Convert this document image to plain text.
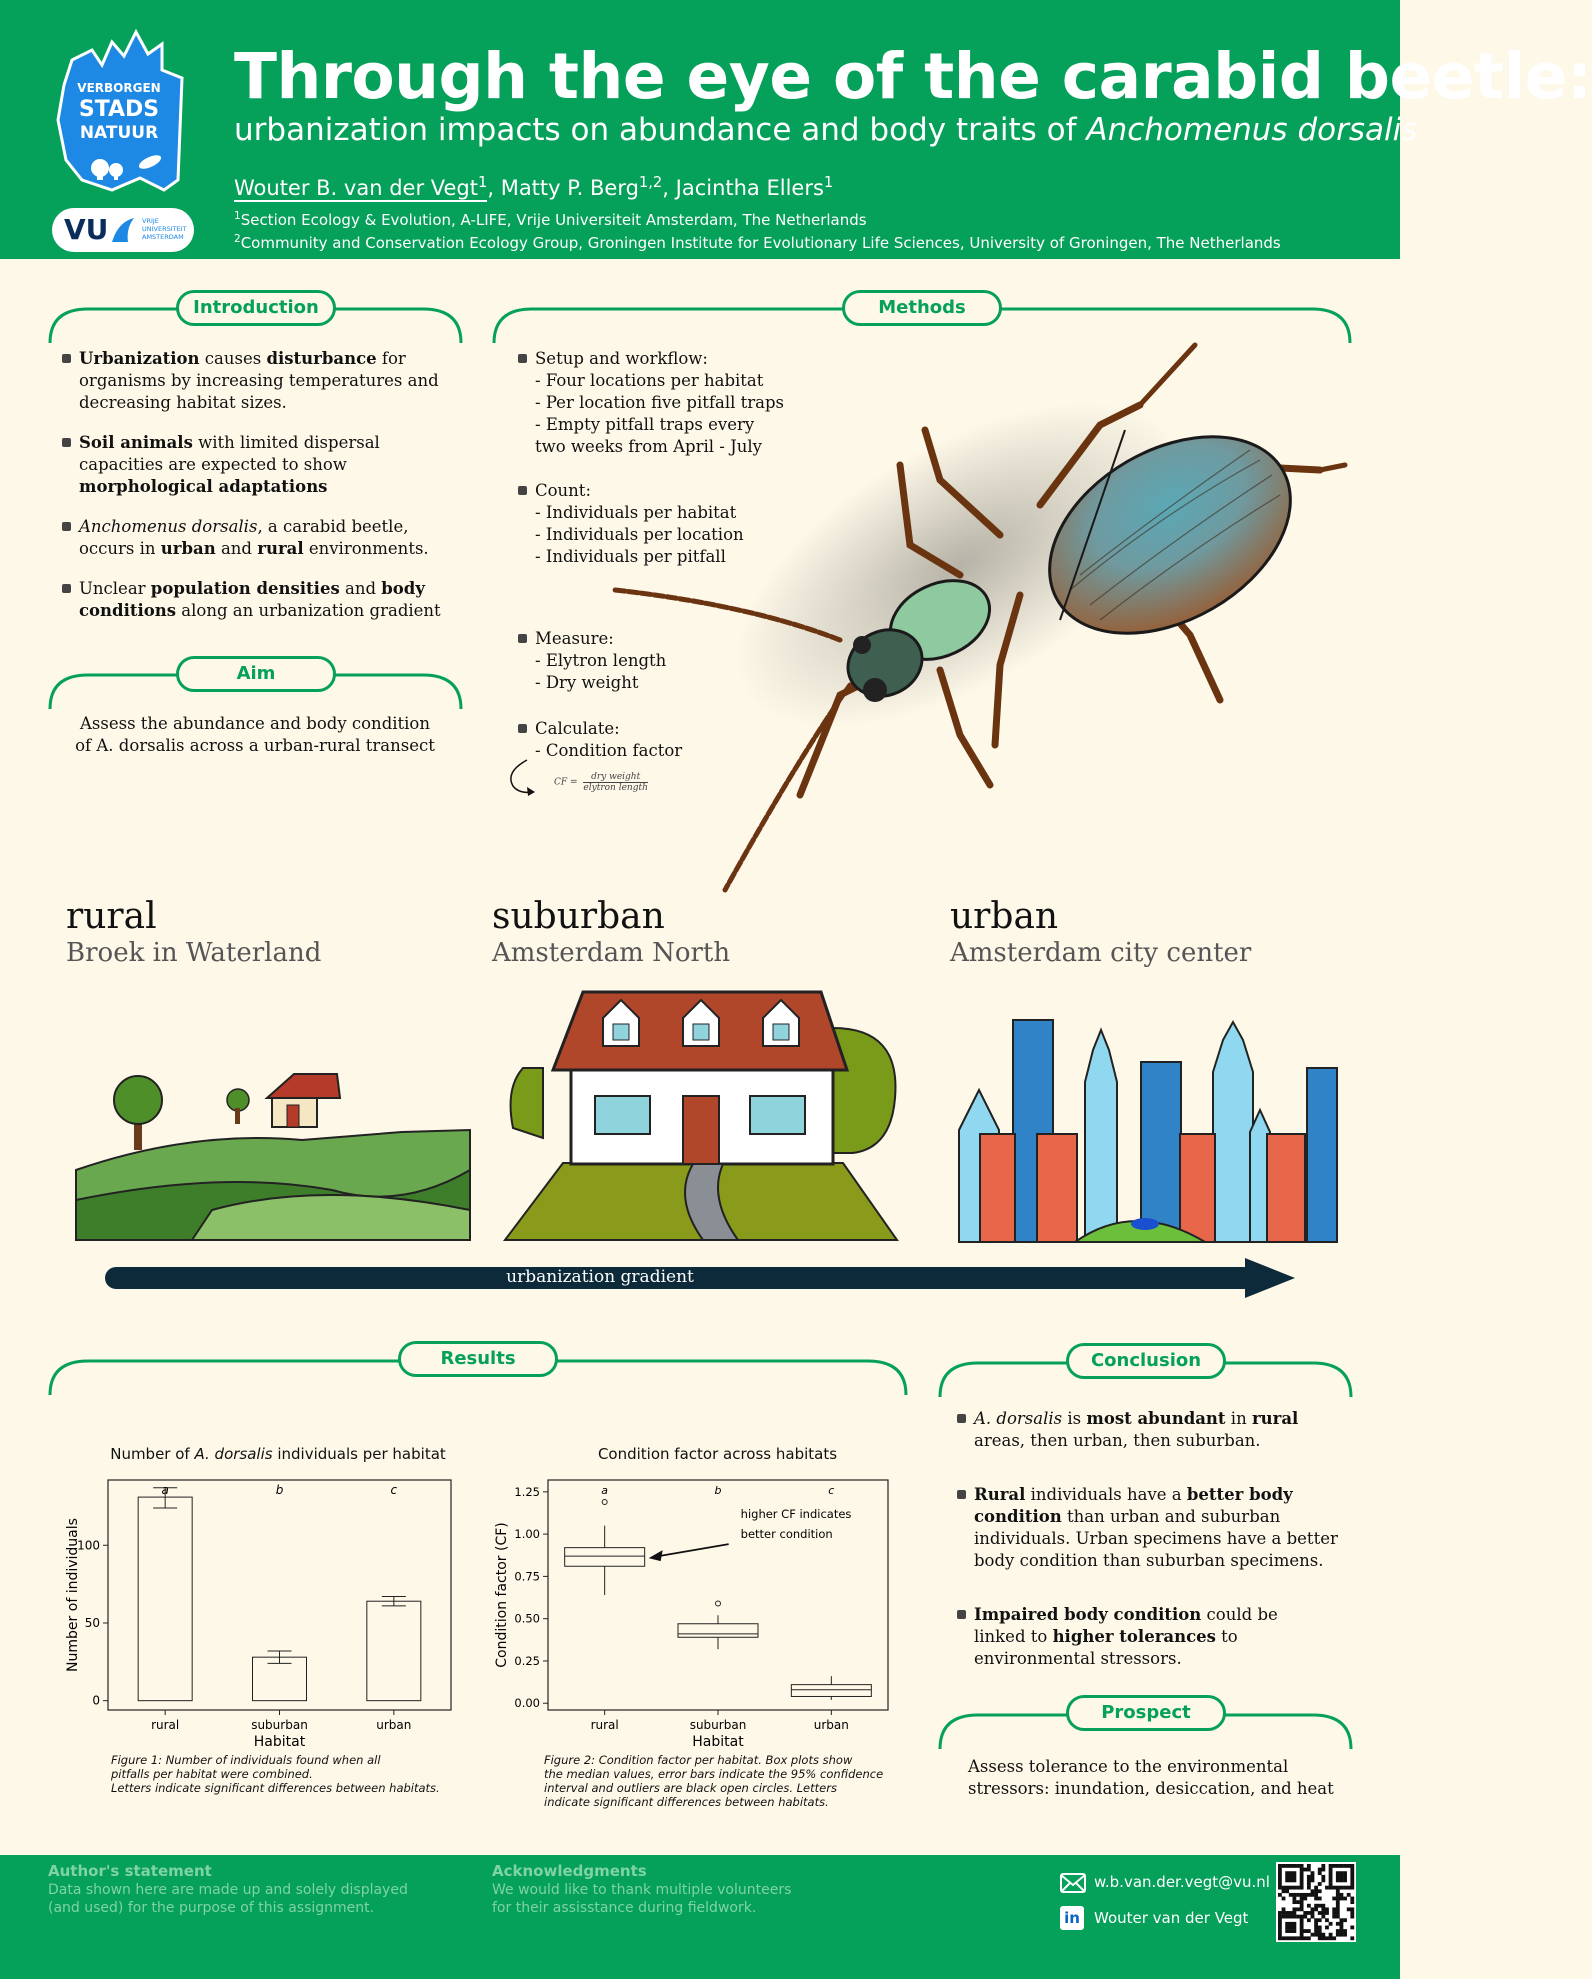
VERBORGEN
STADS
NATUUR
VU	VRIJE
UNIVERSITEIT
AMSTERDAM
Through the eye of the carabid beetle:
urbanization impacts on abundance and body traits of Anchomenus dorsalis
Wouter B. van der Vegt$^1$, Matty P. Berg$^{1,2}$, Jacintha Ellers$^1$
$^1$Section Ecology & Evolution, A-LIFE, Vrije Universiteit Amsterdam, The Netherlands
$^2$Community and Conservation Ecology Group, Groningen Institute for Evolutionary Life Sciences, University of Groningen, The Netherlands
Introduction
Urbanization causes disturbance for
organisms by increasing temperatures and
decreasing habitat sizes.
Soil animals with limited dispersal
capacities are expected to show
morphological adaptations
Anchomenus dorsalis, a carabid beetle,
occurs in urban and rural environments.
Unclear population densities and body
conditions along an urbanization gradient
Aim
Assess the abundance and body condition
of A. dorsalis across a urban-rural transect
Methods
Setup and workflow:
- Four locations per habitat
- Per location five pitfall traps
- Empty pitfall traps every
two weeks from April - July
Count:
- Individuals per habitat
- Individuals per location
- Individuals per pitfall
Measure:
- Elytron length
- Dry weight
Calculate:
- Condition factor
CF =
dry weight
elytron length
rural
Broek in Waterland
suburban
Amsterdam North
urban
Amsterdam city center
urbanization gradient
Results
Number of A. dorsalis individuals per habitat
0
50
100
rural
a
suburban
b
urban
c
Habitat
Number of individuals
Figure 1: Number of individuals found when all
pitfalls per habitat were combined.
Letters indicate significant differences between habitats.
Condition factor across habitats
0.00
0.25
0.50
0.75
1.00
1.25
rural
a
suburban
b
urban
c
higher CF indicates
better condition
Habitat
Condition factor (CF)
Figure 2: Condition factor per habitat. Box plots show
the median values, error bars indicate the 95% confidence
interval and outliers are black open circles. Letters
indicate significant differences between habitats.
Conclusion
A. dorsalis is most abundant in rural
areas, then urban, then suburban.
Rural individuals have a better body
condition than urban and suburban
individuals. Urban specimens have a better
body condition than suburban specimens.
Impaired body condition could be
linked to higher tolerances to
environmental stressors.
Prospect
Assess tolerance to the environmental
stressors: inundation, desiccation, and heat
Author's statement
Data shown here are made up and solely displayed
(and used) for the purpose of this assignment.
Acknowledgments
We would like to thank multiple volunteers
for their assisstance during fieldwork.
w.b.van.der.vegt@vu.nl
in Wouter van der Vegt
